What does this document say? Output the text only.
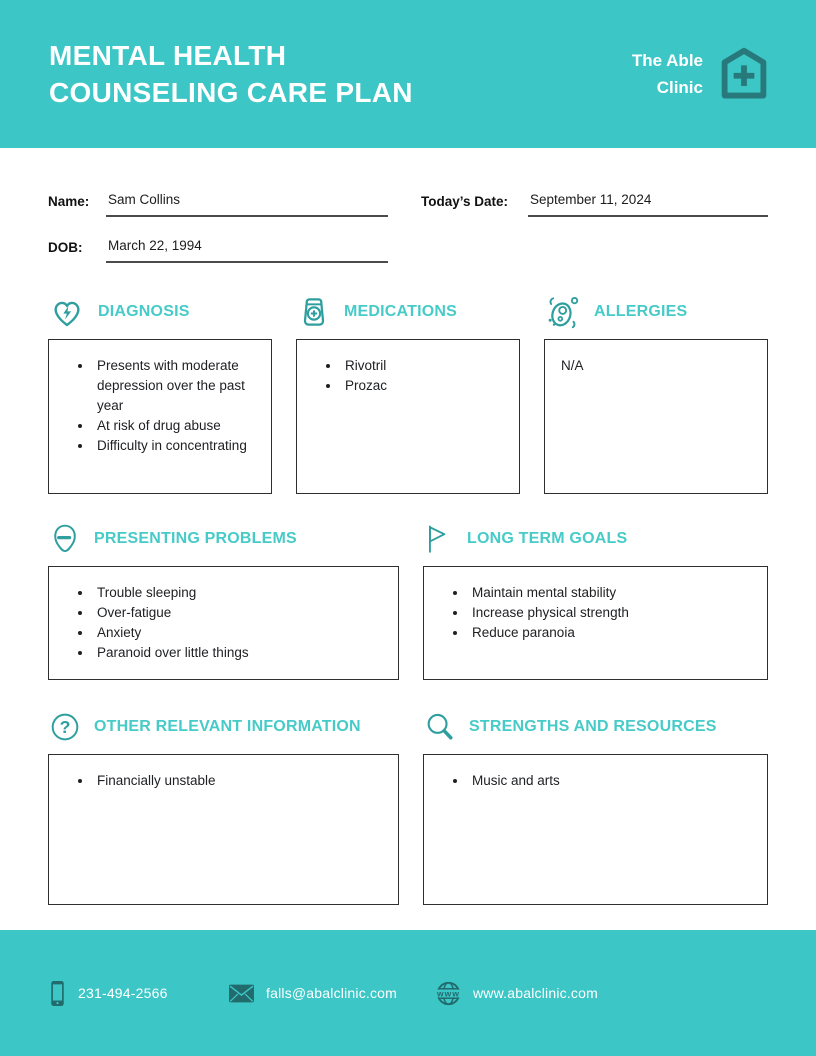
MENTAL HEALTH
COUNSELING CARE PLAN
The Able
Clinic
Name:	Sam Collins
DOB:	March 22, 1994
Today’s Date:	September 11, 2024
DIAGNOSIS
• Presents with moderate depression over the past year
• At risk of drug abuse
• Difficulty in concentrating
MEDICATIONS
• Rivotril
• Prozac
ALLERGIES
N/A
PRESENTING PROBLEMS
• Trouble sleeping
• Over-fatigue
• Anxiety
• Paranoid over little things
LONG TERM GOALS
• Maintain mental stability
• Increase physical strength
• Reduce paranoia
? OTHER RELEVANT INFORMATION
• Financially unstable
STRENGTHS AND RESOURCES
• Music and arts
231-494-2566	falls@abalclinic.com	www www.abalclinic.com
